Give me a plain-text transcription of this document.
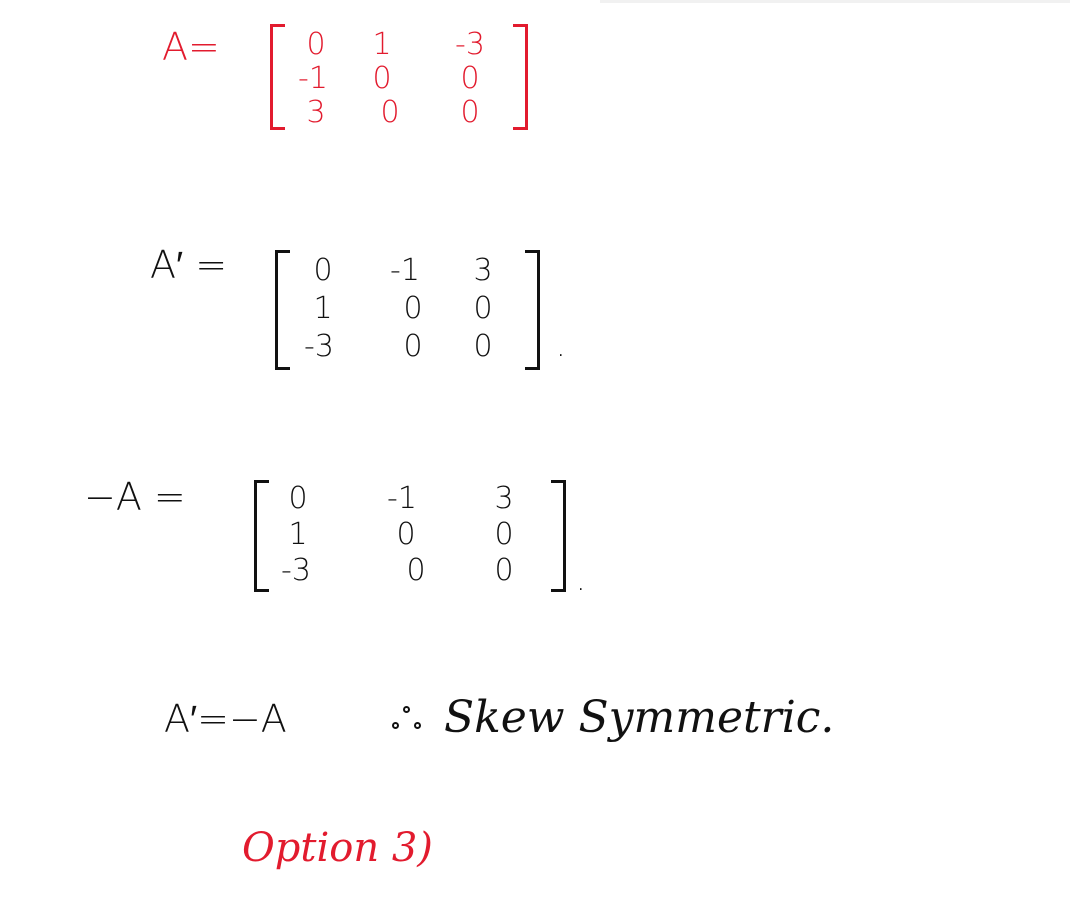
A=	0	1	-3
-1	0	0
3	0	0
A′ =	0	-1	3
1	0	0
-3	0	0	.
−A =	0	-1	3
1	0	0
-3	0	0	.
A′=−A	Skew Symmetric.
Option 3)
